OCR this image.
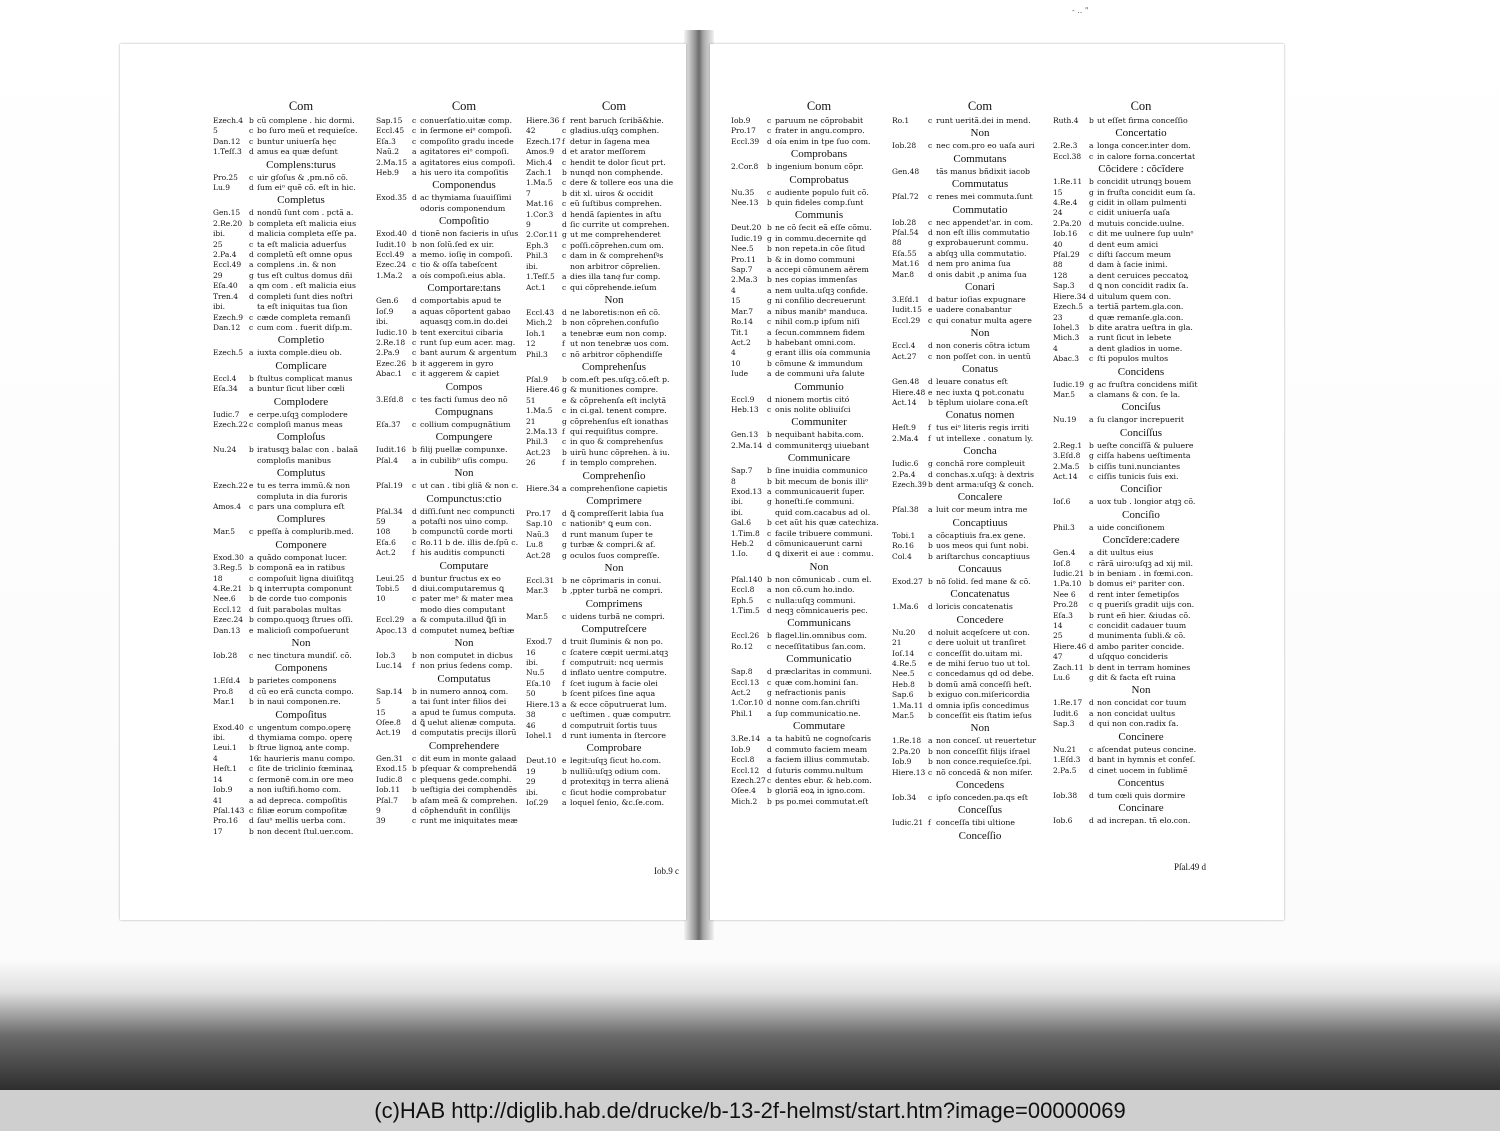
Com
Ezech.4 b cũ complene . hic dormi.
5	c bo ſuro meũ et requieſce.
Dan.12 c buntur uniuerſa hęc
1.Teſſ.3 d amus ea quæ deſunt
Complens:turus
Pro.25 c uir gſoſus & ,pm.nõ cõ.
Lu.9	d ſum eiᵒ quẽ cõ. eſt in hic.
Completus
Gen.15 d nondũ ſunt com . pctã a.
2.Re.20 b completa eſt malicia eius
ibi.	d malicia completa eſſe pa.
25	c ta eſt malicia aduerſus
2.Pa.4 d completũ eſt omne opus
Eccl.49 a complens .in. & non
29	g tus eſt cultus domus dñi
Eſa.40 a qm com . eſt malicia eius
Tren.4 d completi ſunt dies noſtri
ibi.	ta eſt iniquitas tua ſion
Ezech.9 c cæde completa remanſi
Dan.12 c cum com . fuerit diſp.m.
Completio
Ezech.5 a iuxta comple.dieu ob.
Complicare
Eccl.4 b ſtultus complicat manus
Eſa.34 a buntur ſicut liber cœli
Complodere
Iudic.7 e cerpe.uſqꝫ complodere
Ezech.22c comploſi manus meas
Comploſus
Nu.24 b iratusqꝫ balac con . balaã
comploſis manibus
Complutus
Ezech.22e tu es terra immũ.& non
compluta in dia furoris
Amos.4 c pars una complura eſt
Complures
Mar.5 c ppeſſa à complurib.med.
Componere
Exod.30 a quãdo componat lucer.
3.Reg.5 b componã ea in ratibus
18	c compoſuit ligna diuiſitqꝫ
4.Re.21 b ꝗ interrupta componunt
Nee.6 b de corde tuo componis
Eccl.12 d ſuit parabolas multas
Ezec.24 b compo.quoqꝫ ſtrues oſſi.
Dan.13 e malicioſi compoſuerunt
Non
Iob.28 c nec tinctura mundiſ. cõ.
Componens
1.Eſd.4 b parietes componens
Pro.8 d cũ eo erã cuncta compo.
Mar.1 b in naui componen.re.
Compoſitus
Exod.40 c ungentum compo.operę
ibi.	d thymiama compo. operę
Leui.1 b ſtrue lignoꝝ ante comp.
4	16c haurieris manu compo.
Heſt.1 c ſite de triclinio fœminaꝝ
14	c ſermonẽ com.in ore meo
Iob.9 a non iuſtifi.homo com.
41	a ad depreca. compoſitis
Pſal.143 c filiæ eorum compoſitæ
Pro.16 d ſauᵒ mellis uerba com.
17	b non decent ſtul.uer.com.
Com
Sap.15 c conuerſatio.uitæ comp.
Eccl.45 c in ſermone eiᵒ compoſi.
Eſa.3 c compoſito gradu incede
Naũ.2 a agitatores eiᵒ compoſi.
2.Ma.15 a agitatores eius compoſi.
Heb.9 a his uero ita compoſitis
Componendus
Exod.35 d ac thymiama ſuauiſſimi
odoris componendum
Compoſitio
Exod.40 d tionẽ non facieris in uſus
Iudit.10 b non ſolũ.ſed ex uir.
Eccl.49 a memo. ioſię in compoſi.
Ezec.24 c tio & oſſa tabeſcent
1.Ma.2 a oís compoſi.eius abla.
Comportare:tans
Gen.6 d comportabis apud te
Ioſ.9 a aquas cõportent gabao
ibi.	aquasqꝫ com.in do.dei
Iudic.10 b tent exercitui cibaria
2.Re.18 c runt ſup eum acer. mag.
2.Pa.9 c bant aurum & argentum
Ezec.26 b it aggerem in gyro
Abac.1 c it aggerem & capiet
Compos
3.Eſd.8 c tes facti ſumus deo nõ
Compugnans
Eſa.37 c collium compugnãtium
Compungere
Iudit.16 b filij puellæ compunxe.
Pſal.4 a in cubilibᵒ uſis compu.
Non
Pſal.19 c ut can . tibi gliã & non c.
Compunctus:ctio
Pſal.34 d diſſi.ſunt nec compuncti
59	a potaſti nos uino comp.
108	b compunctũ corde morti
Eſa.6 c Ro.11 b de. illis de.ſpũ c.
Act.2 f his auditis compuncti
Computare
Leui.25 d buntur fructus ex eo
Tobi.5 d diui.computaremus ꝗ
10	c pater meᵒ & mater mea
modo dies computant
Eccl.29 a & computa.illud ꝗ̃ſi in
Apoc.13 d computet numeꝝ beſtiæ
Non
Iob.3 b non computet in dicbus
Luc.14 f non prius ſedens comp.
Computatus
Sap.14 b in numero annoꝝ com.
5	a tai ſunt inter filios dei
15	a apud te ſumus computa.
Oſee.8 d ꝗ̃ uelut alienæ computa.
Act.19 d computatis precijs illorũ
Comprehendere
Gen.31 c dit eum in monte galaad
Exod.15 b pſequar & comprehendã
Iudic.8 c plequens gede.comphi.
Iob.11 b ueſtigia dei comphendẽs
Pſal.7 b aſam meã & comprehen.
9	d cõphenduñt in conſilijs
39	c runt me iniquitates meæ
Com
Hiere.36 f rent baruch ſcribã&hie.
42	c gladius.uſqꝫ comphen.
Ezech.17f detur in ſagena mea
Amos.9 d et arator meſſorem
Mich.4 c hendit te dolor ſicut prt.
Zach.1 b nunqd non comphende.
1.Ma.5 c dere & tollere eos una die
7	b dit xl. uiros & occidit
Mat.16 c eũ ſuſtibus comprehen.
1.Cor.3 d hendã ſapientes in aſtu
9	d ſic currite ut comprehen.
2.Cor.11 g ut me comprehenderet
Eph.3 c poſſi.cõprehen.cum om.
Phil.3 c dam in & comprehenſꝰs
ibi.	non arbitror cõprelien.
1.Teſſ.5 a dies illa tanqͥ fur comp.
Act.1 c qui cõprehende.ieſum
Non
Eccl.43 d ne laboretis:non eñ cõ.
Mich.2 b non cõprehen.confuſio
Ioh.1 a tenebræ eum non comp.
12	f ut non tenebræ uos com.
Phil.3 c nõ arbitror cõphendiſſe
Comprehenſus
Pſal.9 b com.eſt pes.uſqꝫ.cõ.eſt p.
Hiere.46 g & munitiones compre.
51	e & cõprehenſa eſt inclytã
1.Ma.5 c in ci.gal. tenent compre.
21	g cõprehenſus eſt ionathas
2.Ma.13 f qui requiſitus compre.
Phil.3 c in quo & comprehenſus
Act.23 b uirũ hunc cõprehen. à iu.
26	f in templo comprehen.
Comprehenſio
Hiere.34 a comprehenſione capietis
Comprimere
Pro.17 d ꝗ̃ compreſſerit labia ſua
Sap.10 c nationibᵒ ꝗ eum con.
Naũ.3 d runt manum ſuper te
Lu.8	g turbæ & compri.& af.
Act.28 g oculos ſuos compreſſe.
Non
Eccl.31 b ne cõprimaris in conui.
Mar.3 b ,ppter turbã ne compri.
Comprimens
Mar.5 c uidens turbã ne compri.
Computreſcere
Exod.7 d truit ſluminis & non po.
16	c ſcatere cœpit uermi.atqꝫ
ibi.	f computruit: ncq uermis
Nu.5 d inflato uentre computre.
Eſa.10 f ſcet iugum à facie olei
50	b ſcent piſces ſine aqua
Hiere.13 a & ecce cõputruerat lum.
38	c ueſtimen . quæ computrr.
46	d computruit ſortis tuus
Iohel.1 d runt iumenta in ſtercore
Comprobare
Deut.10 e legit:uſqꝫ ſicut ho.com.
19	b nulliũ:uſqꝫ odium com.
29	d protexitqꝫ in terra aliená
ibi.	c ſicut hodie comprobatur
Ioſ.29 a loquel ſenio, &c.ſe.com.
Com
Iob.9 c paruum ne cõprobabit
Pro.17 c frater in angu.compro.
Eccl.39 d oía enim in tpe ſuo com.
Comprobans
2.Cor.8 b ingenium bonum cõpr.
Comprobatus
Nu.35 c audiente populo fuit cõ.
Nee.13 b quin fideles comp.ſunt
Communis
Deut.20 b ne cõ ſecit eã eſſe cõmu.
Iudic.19 g in commu.decernite qd
Nee.5 b non repeta.in cõe ſitud
Pro.11 b & in domo communi
Sap.7 a accepi cõmunem aërem
2.Ma.3 b nes copias immenſas
4	a nem uulta.uſqꝫ confide.
15	g ni conſilio decreuerunt
Mar.7 a nibus manibᵒ manduca.
Ro.14 c nihil com.p ipſum niſi
Tit.1 a ſecun.commnem fidem
Act.2 b habebant omni.com.
4	g erant illis oía communia
10	b cõmune & immundum
Iude	a de communi uřa ſalute
Communio
Eccl.9 d nionem mortis citó
Heb.13 c onis nolite obliuiſci
Communiter
Gen.13 b nequibant habita.com.
2.Ma.14 d communiterqꝫ uiuebant
Communicare
Sap.7 b ſine inuidia communico
8	b bit mecum de bonis illiᵒ
Exod.13 a communicauerit ſuper.
ibi.	g honeſti.ſe communi.
ibi.	quid com.cacabus ad ol.
Gal.6 b cet aũt his quæ catechiza.
1.Tim.8 c facile tribuere communi.
Heb.2 d cõmunicauerunt carni
1.Io.	d ꝗ dixerit ei aue : commu.
Non
Pſal.140 b non cõmunicab . cum el.
Eccl.8 a non cõ.cum ho.indo.
Eph.5 c nulla:uſqꝫ communi.
1.Tim.5 d neqꝫ cõmnicaueris pec.
Communicans
Eccl.26 b flagel.lin.omnibus com.
Ro.12 c neceſſitatibus ſan.com.
Communicatio
Sap.8 d præclaritas in communi.
Eccl.13 c quæ com.homini ſan.
Act.2 g nefractionis panis
1.Cor.10 d nonne com.ſan.chriſti
Phil.1 a ſup communicatio.ne.
Commutare
3.Re.14 a ta habitũ ne cognoſcaris
Iob.9 d commuto faciem meam
Eccl.8 a faciem illius commutab.
Eccl.12 d ſuturis commu.nultum
Ezech.27c dentes ebur. & heb.com.
Oſee.4 b gloriã eoꝝ in igno.com.
Mich.2 b ps po.mei commutat.eſt
Com
Ro.1	c runt ueritã.dei in mend.
Non
Iob.28 c nec com.pro eo uaſa auri
Commutans
Gen.48 tãs manus bñdixit iacob
Commutatus
Pſal.72 c renes mei commuta.ſunt
Commutatio
Iob.28 c nec appendet'ar. in com.
Pſal.54 d non eſt illis commutatio
88	g exprobauerunt commu.
Eſa.55 a abſqꝫ ulla commutatio.
Mat.16 d nem pro anima ſua
Mar.8 d onis dabit ,p anima ſua
Conari
3.Eſd.1 d batur ioſias expugnare
Iudit.15 e uadere conabantur
Eccl.29 c qui conatur multa agere
Non
Eccl.4 d non coneris cõtra ictum
Act.27 c non poſſet con. in uentũ
Conatus
Gen.48 d leuare conatus eſt
Hiere.48 e nec iuxta ꝗ pot.conatu
Act.14 b tẽplum uiolare cona.eſt
Conatus nomen
Heſt.9 f tus eiᵒ literis regis irriti
2.Ma.4 f ut intellexe . conatum ly.
Concha
Iudic.6 g conchã rore compleuit
2.Pa.4 d conchas.x.uſqꝫ: à dextris
Ezech.39b dent arma:uſqꝫ & conch.
Concalere
Pſal.38 a luit cor meum intra me
Concaptiuus
Tobi.1 a cõcaptiuis fra.ex gene.
Ro.16 b uos meos qui ſunt nobi.
Col.4 b ariſtarchus concaptiuus
Concauus
Exod.27 b nõ ſolid. ſed mane & cõ.
Concatenatus
1.Ma.6 d loricis concatenatis
Concedere
Nu.20 d noluit acqeſcere ut con.
21	c dere uoluit ut tranſiret
Ioſ.14 c conceſſit do.uitam mi.
4.Re.5 e de mihi ſeruo tuo ut tol.
Nee.5 c concedamus qd od debe.
Heb.8 b domũ amã conceſſi heſt.
Sap.6 b exiguo con.miſericordia
1.Ma.11 d omnia ipſis concedimus
Mar.5 b conceſſit eis ſtatim ieſus
Non
1.Re.18 a non conceſ. ut reuertetur
2.Pa.20 b non conceſſit filijs iſrael
Iob.9 b non conce.requieſce.ſpi.
Hiere.13 c nõ concedã & non miſer.
Concedens
Iob.34 c ipſo conceden.pa.qs eſt
Conceſſus
Iudic.21 f conceſſa tibi ultione
Conceſſio
Con
Ruth.4 b ut eſſet firma conceſſio
Concertatio
2.Re.3 a longa concer.inter dom.
Eccl.38 c in calore forna.concertat
Cõcidere : cõcĭdere
1.Re.11 b concidit utrunqꝫ bouem
15	g in fruſta concidit eum ſa.
4.Re.4 g cidit in ollam pulmenti
24	c cidit uniuerſa uaſa
2.Pa.20 d mutuis concide.uulne.
Iob.16 c dit me uulnere ſup uulnᵒ
40	d dent eum amici
Pſal.29 c diſti ſaccum meum
88	d dam à ſacie inimi.
128	a dent ceruices peccatoꝝ
Sap.3 d ꝗ non concidit radix ſa.
Hiere.34 d uitulum quem con.
Ezech.5 a tertiã partem.gla.con.
23	d quæ remanſe.gla.con.
Iohel.3 b dite aratra ueſtra in gla.
Mich.3 a runt ſicut in lebete
4	a dent gladios in uome.
Abac.3 c ſti populos multos
Concidens
Iudic.19 g ac fruſtra concidens miſit
Mar.5 a clamans & con. ſe la.
Conciſus
Nu.19 a ſu clangor increpuerit
Conciſſus
2.Reg.1 b ueſte conciſſã & puluere
3.Eſd.8 g ciſſa habens ueſtimenta
2.Ma.5 b ciſſis tuni.nunciantes
Act.14 c ciſſis tunicis ſuis exi.
Conciſior
Ioſ.6 a uox tub . longior atqꝫ cõ.
Conciſio
Phil.3 a uide conciſionem
Concĭdere:cadere
Gen.4 a dit uultus eius
Ioſ.8 c rãrã uiro:uſqꝫ ad xij mil.
Iudic.21 b in beniam . in fœmi.con.
1.Pa.10 b domus eiᵒ pariter con.
Nee 6 d rent inter ſemetipſos
Pro.28 c q pueriſs gradit uijs con.
Eſa.3 b runt eñ hier. &iudas cõ.
14	c concidit cadauer tuum
25	d munimenta ſubli.& cõ.
Hiere.46 d ambo pariter concide.
47	d uſqquo concideris
Zach.11 b dent in terram homines
Lu.6	g dit & facta eſt ruina
Non
1.Re.17 d non concidat cor tuum
Iudit.6 a non concidat uultus
Sap.3 d qui non con.radix ſa.
Concinere
Nu.21 c aſcendat puteus concine.
1.Eſd.3 d bant in hymnis et confeſ.
2.Pa.5 d cinet uocem in ſublimẽ
Concentus
Iob.38 d tum cœli quis dormire
Concinare
Iob.6 d ad increpan. tñ elo.con.
Iob.9 c	Pſal.49 d
- .. "
(c)HAB http://diglib.hab.de/drucke/b-13-2f-helmst/start.htm?image=00000069
